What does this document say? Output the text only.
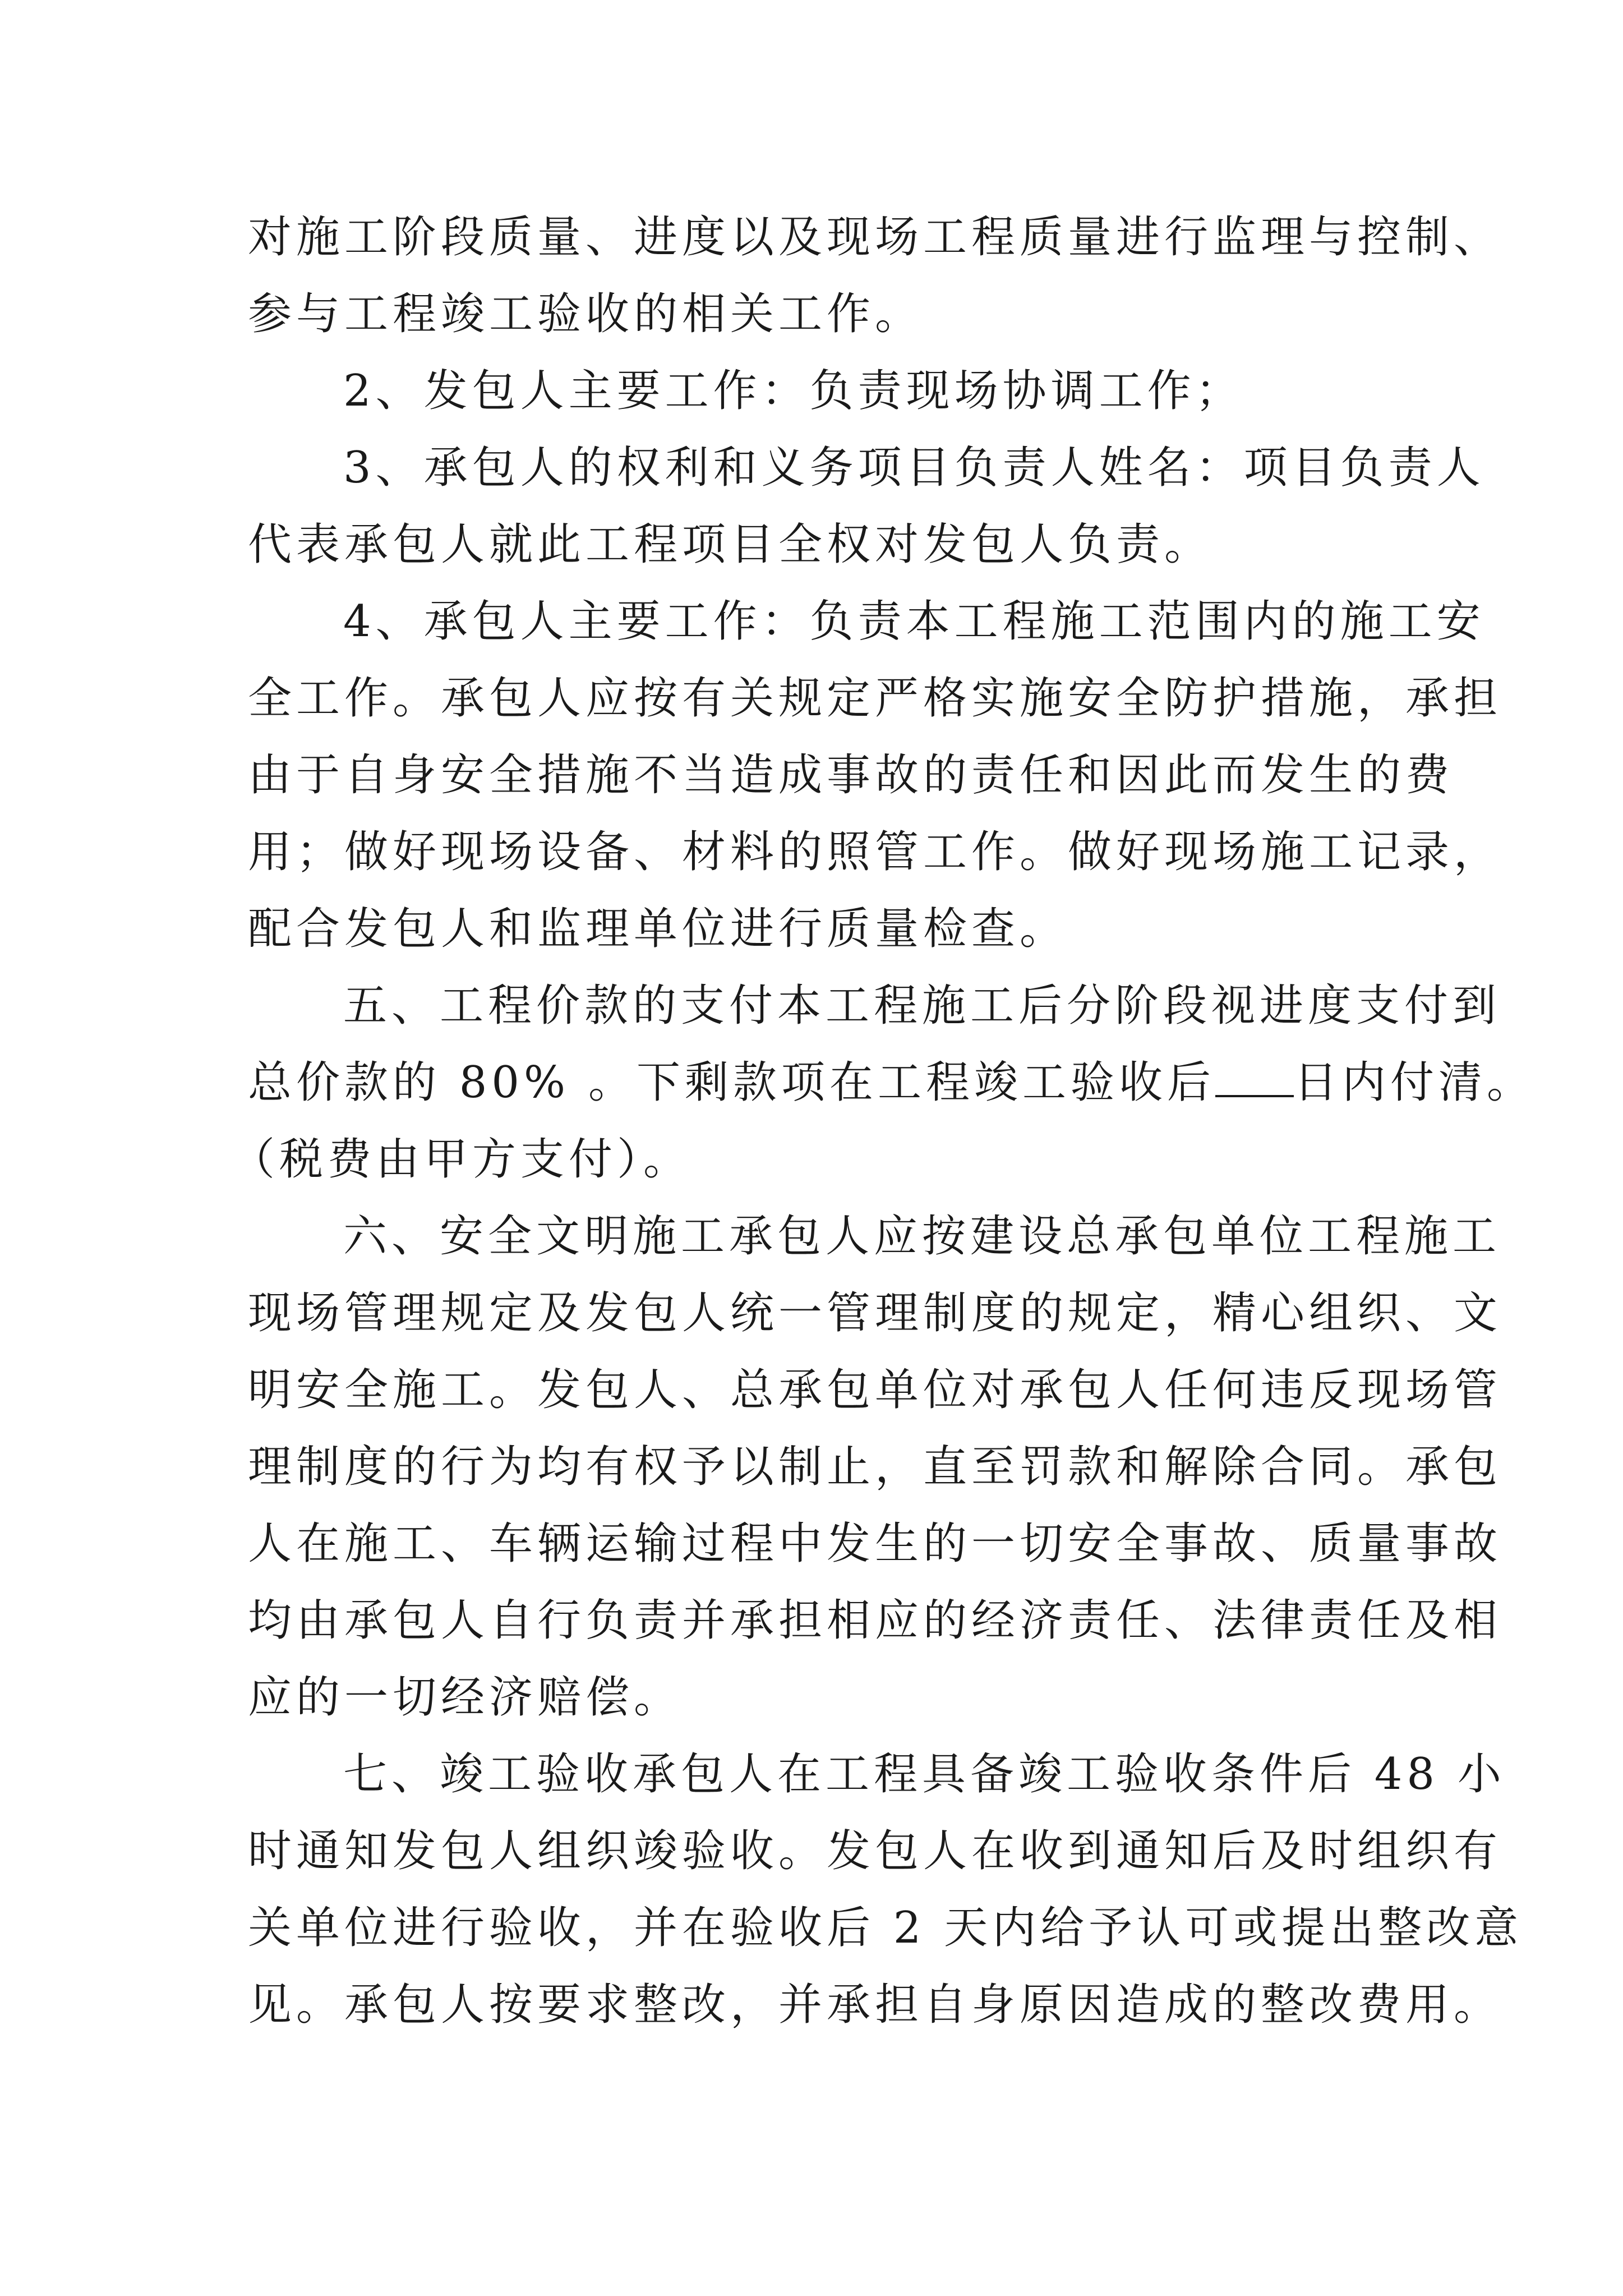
对施工阶段质量、进度以及现场工程质量进行监理与控制、
参与工程竣工验收的相关工作。

2、发包人主要工作：负责现场协调工作；

3、承包人的权利和义务项目负责人姓名：项目负责人
代表承包人就此工程项目全权对发包人负责。

4、承包人主要工作：负责本工程施工范围内的施工安
全工作。承包人应按有关规定严格实施安全防护措施，承担
由于自身安全措施不当造成事故的责任和因此而发生的费
用；做好现场设备、材料的照管工作。做好现场施工记录，
配合发包人和监理单位进行质量检查。

五、工程价款的支付本工程施工后分阶段视进度支付到
总价款的 80% 。下剩款项在工程竣工验收后 日内付清。
（税费由甲方支付）。

六、安全文明施工承包人应按建设总承包单位工程施工
现场管理规定及发包人统一管理制度的规定，精心组织、文
明安全施工。发包人、总承包单位对承包人任何违反现场管
理制度的行为均有权予以制止，直至罚款和解除合同。承包
人在施工、车辆运输过程中发生的一切安全事故、质量事故
均由承包人自行负责并承担相应的经济责任、法律责任及相
应的一切经济赔偿。

七、竣工验收承包人在工程具备竣工验收条件后 48 小
时通知发包人组织竣验收。发包人在收到通知后及时组织有
关单位进行验收，并在验收后 2 天内给予认可或提出整改意
见。承包人按要求整改，并承担自身原因造成的整改费用。
